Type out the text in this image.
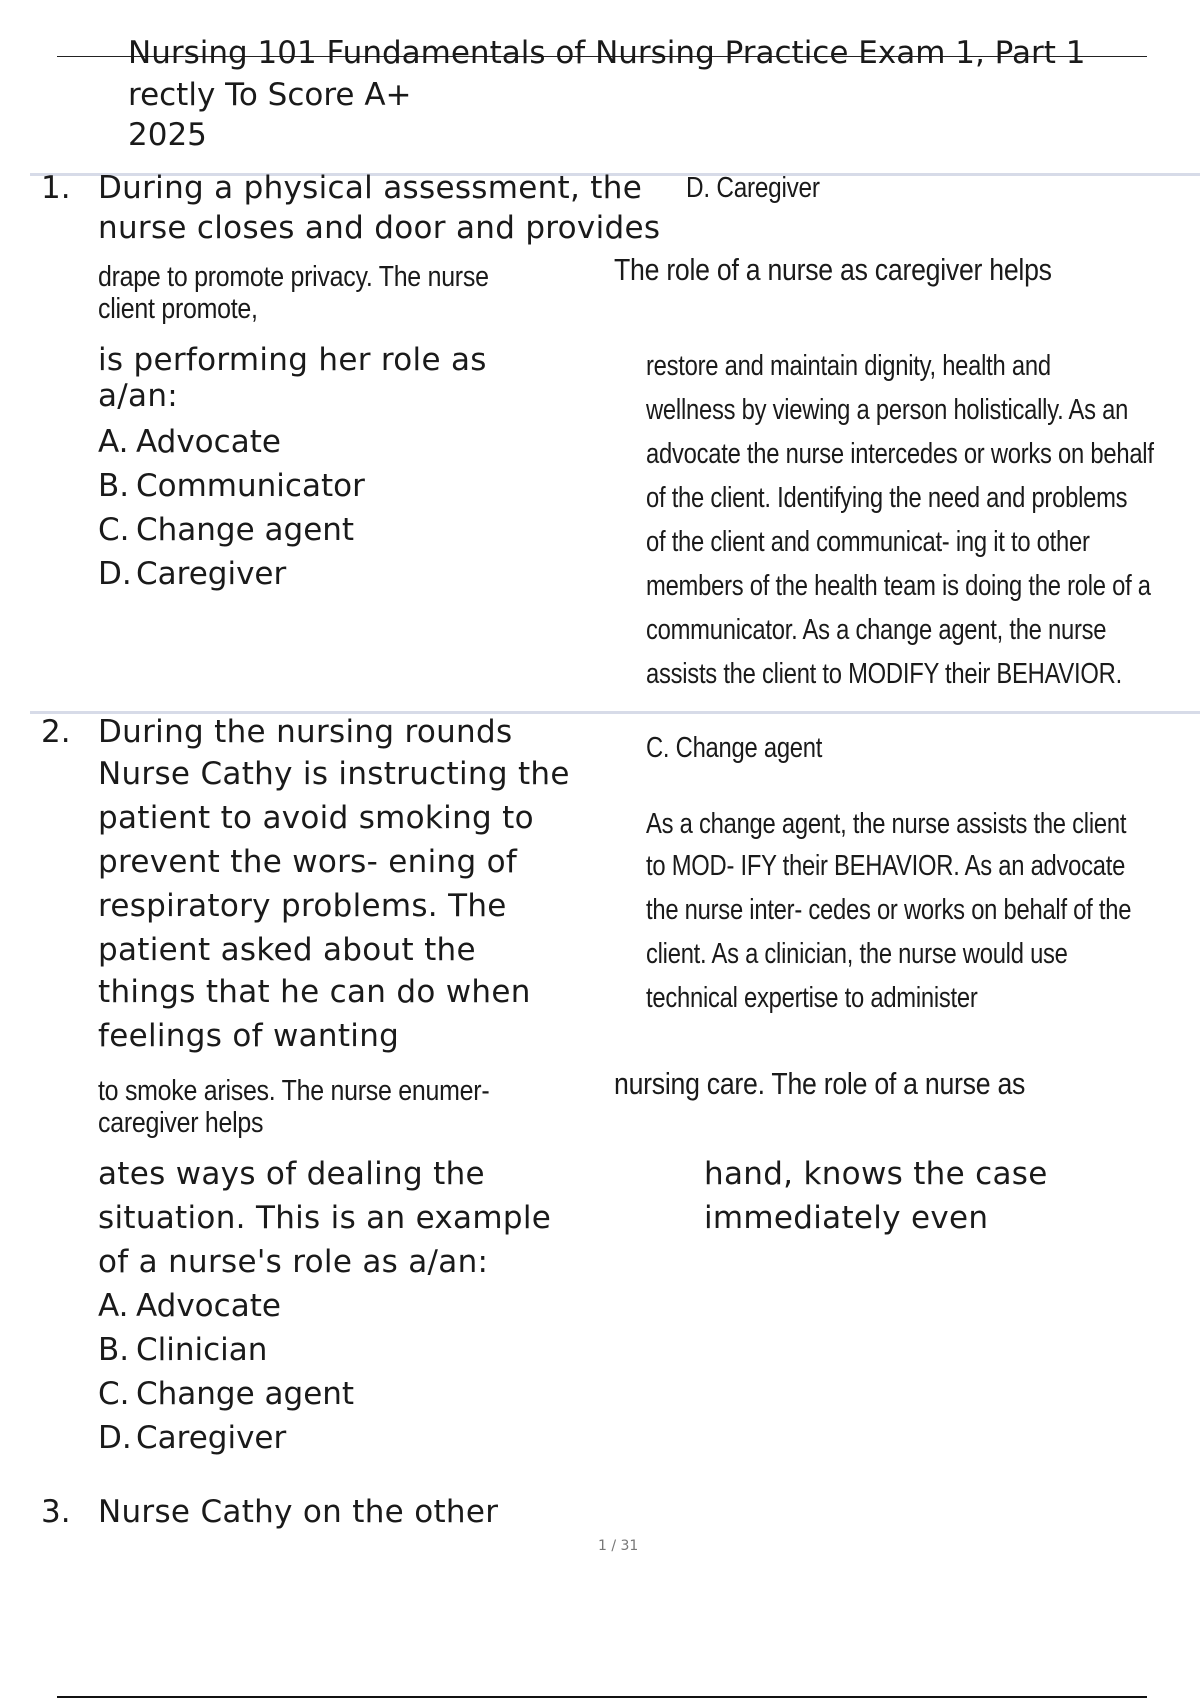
Nursing 101 Fundamentals of Nursing Practice Exam 1, Part 1
rectly To Score A+
2025
1. During a physical assessment, the
nurse closes and door and provides
D. Caregiver
drape to promote privacy. The nurse
client promote,
The role of a nurse as caregiver helps
is performing her role as
a/an:
A. Advocate
B. Communicator
C. Change agent
D. Caregiver
restore and maintain dignity, health and
wellness by viewing a person holistically. As an
advocate the nurse intercedes or works on behalf
of the client. Identifying the need and problems
of the client and communicat- ing it to other
members of the health team is doing the role of a
communicator. As a change agent, the nurse
assists the client to MODIFY their BEHAVIOR.
2. During the nursing rounds
Nurse Cathy is instructing the
patient to avoid smoking to
prevent the wors- ening of
respiratory problems. The
patient asked about the
things that he can do when
feelings of wanting
C. Change agent
As a change agent, the nurse assists the client
to MOD- IFY their BEHAVIOR. As an advocate
the nurse inter- cedes or works on behalf of the
client. As a clinician, the nurse would use
technical expertise to administer
to smoke arises. The nurse enumer-
caregiver helps
nursing care. The role of a nurse as
ates ways of dealing the
situation. This is an example
of a nurse's role as a/an:
hand, knows the case
immediately even
A. Advocate
B. Clinician
C. Change agent
D. Caregiver
3. Nurse Cathy on the other
1 / 31
